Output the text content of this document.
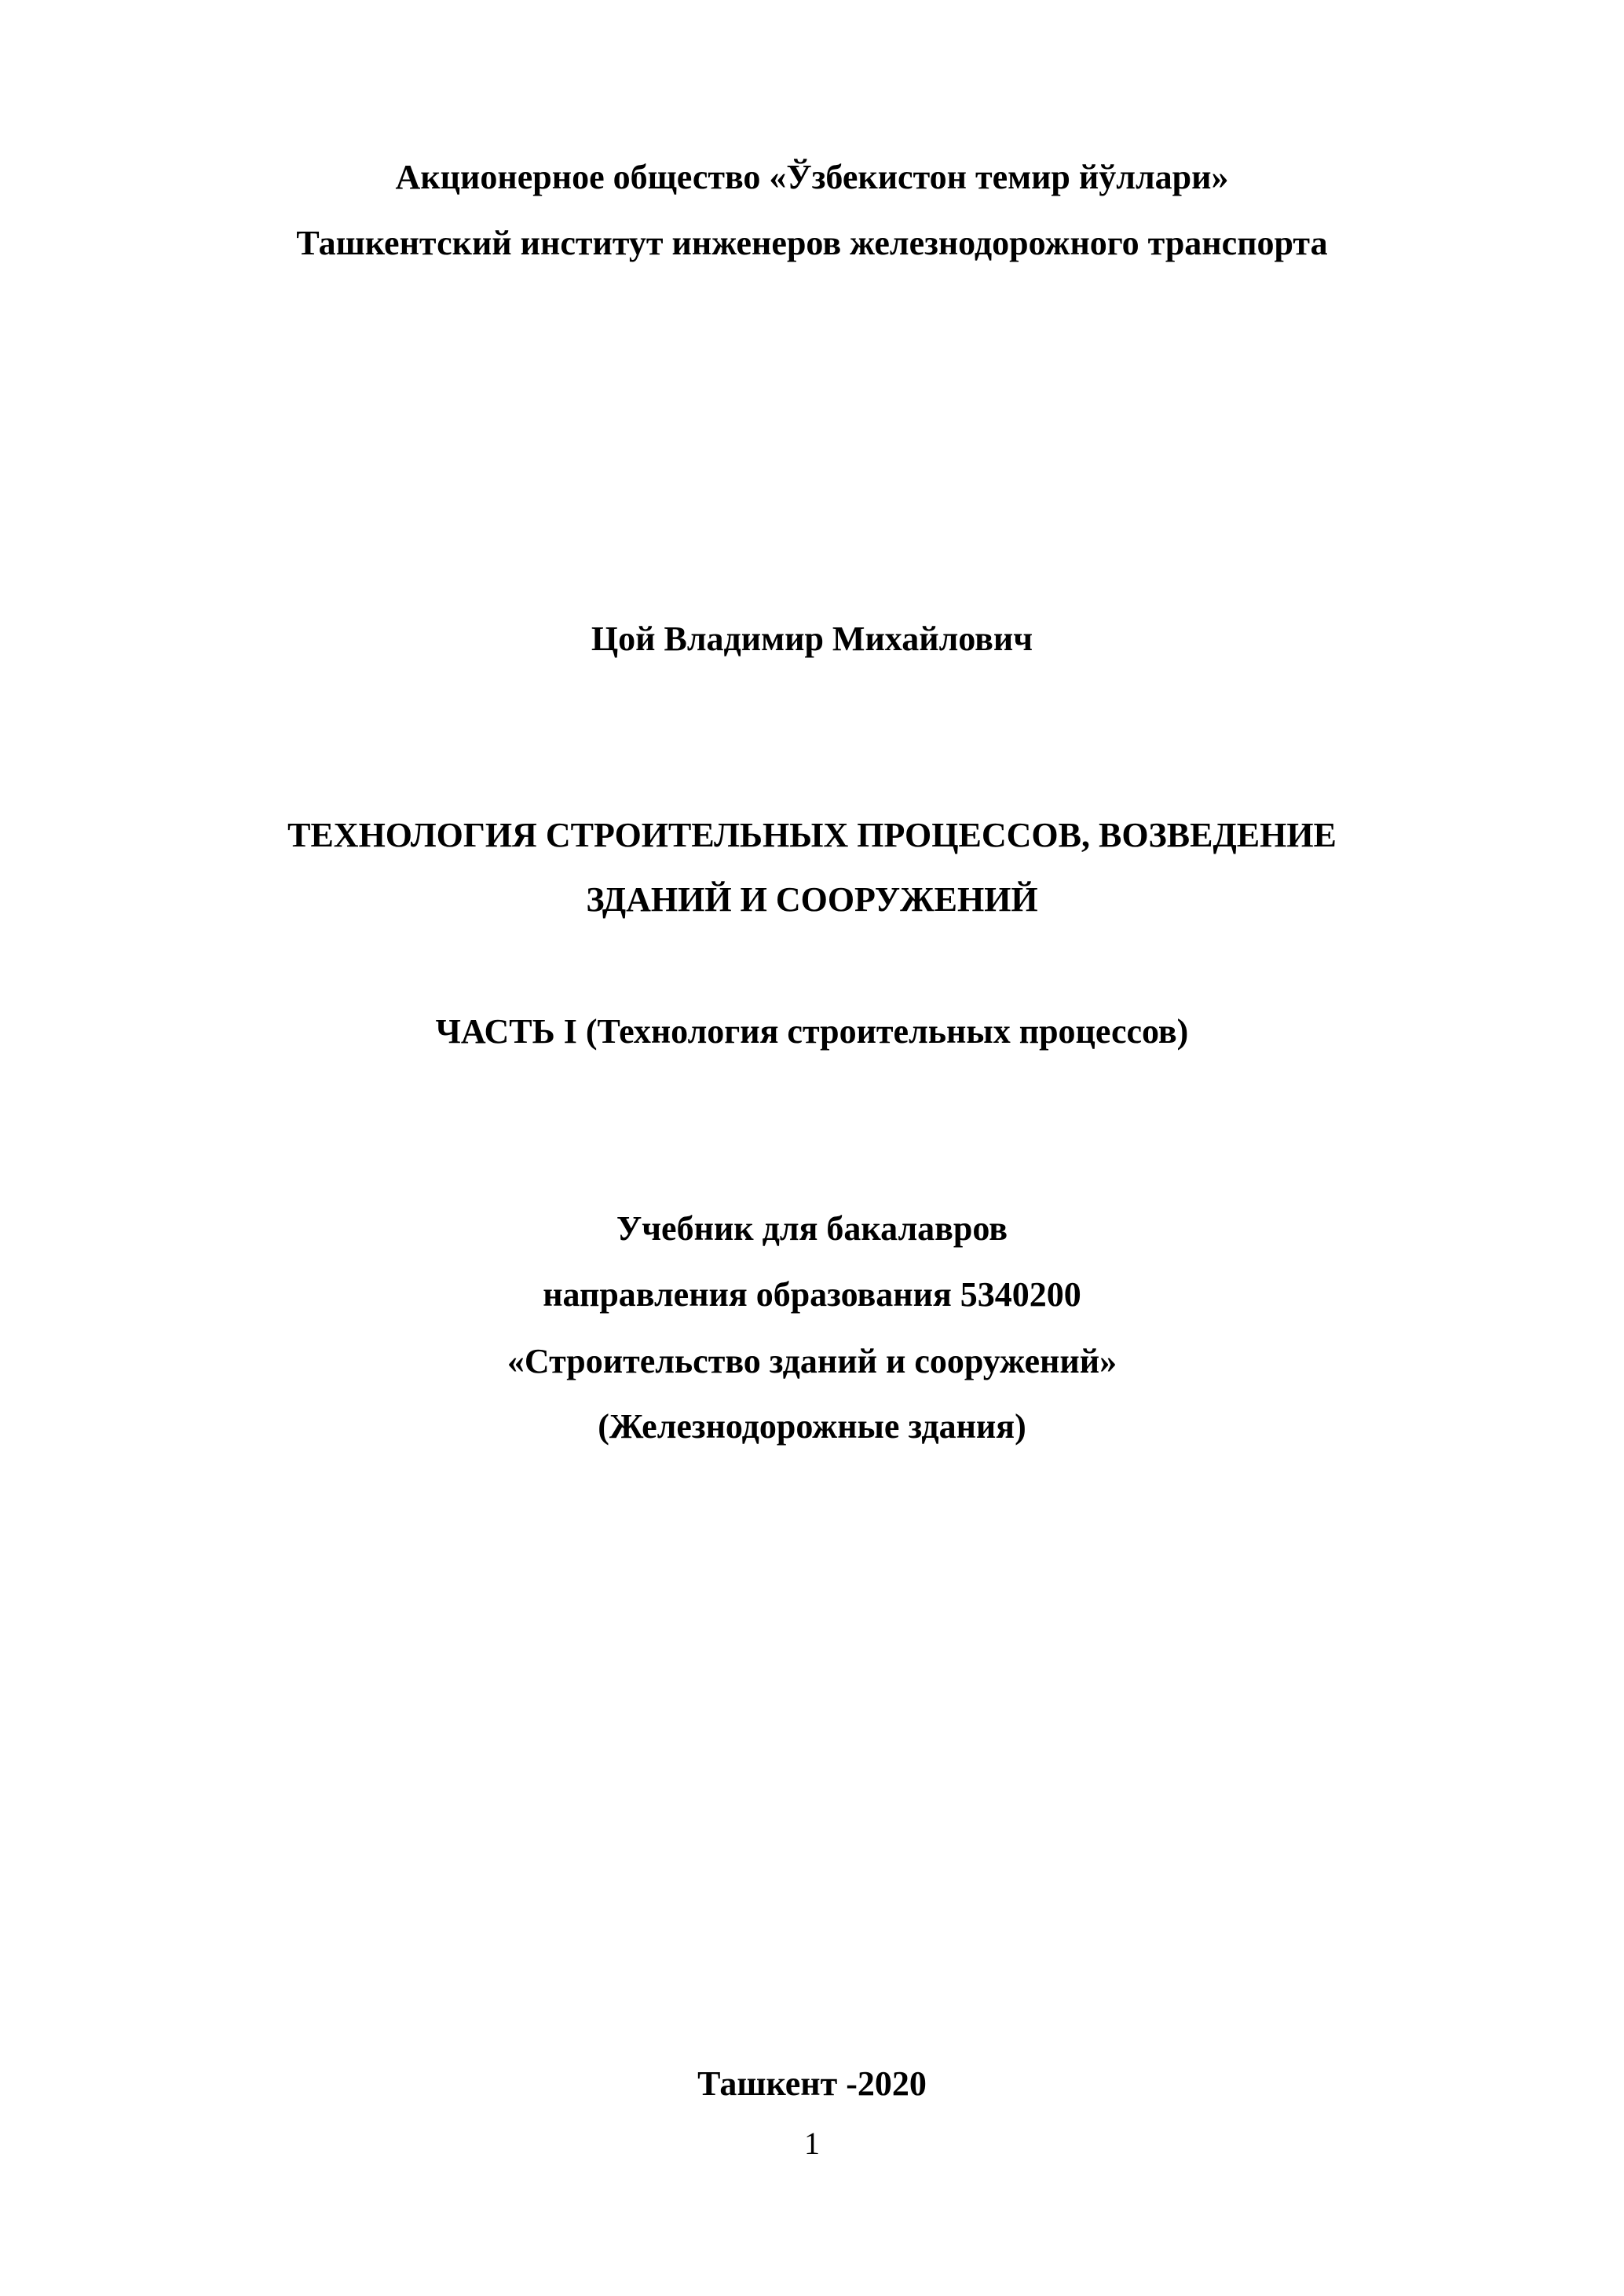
Акционерное общество «Ўзбекистон темир йўллари»
Ташкентский институт инженеров железнодорожного транспорта
Цой Владимир Михайлович
ТЕХНОЛОГИЯ СТРОИТЕЛЬНЫХ ПРОЦЕССОВ, ВОЗВЕДЕНИЕ
ЗДАНИЙ И СООРУЖЕНИЙ
ЧАСТЬ I (Технология строительных процессов)
Учебник для бакалавров
направления образования 5340200
«Строительство зданий и сооружений»
(Железнодорожные здания)
Ташкент -2020
1
